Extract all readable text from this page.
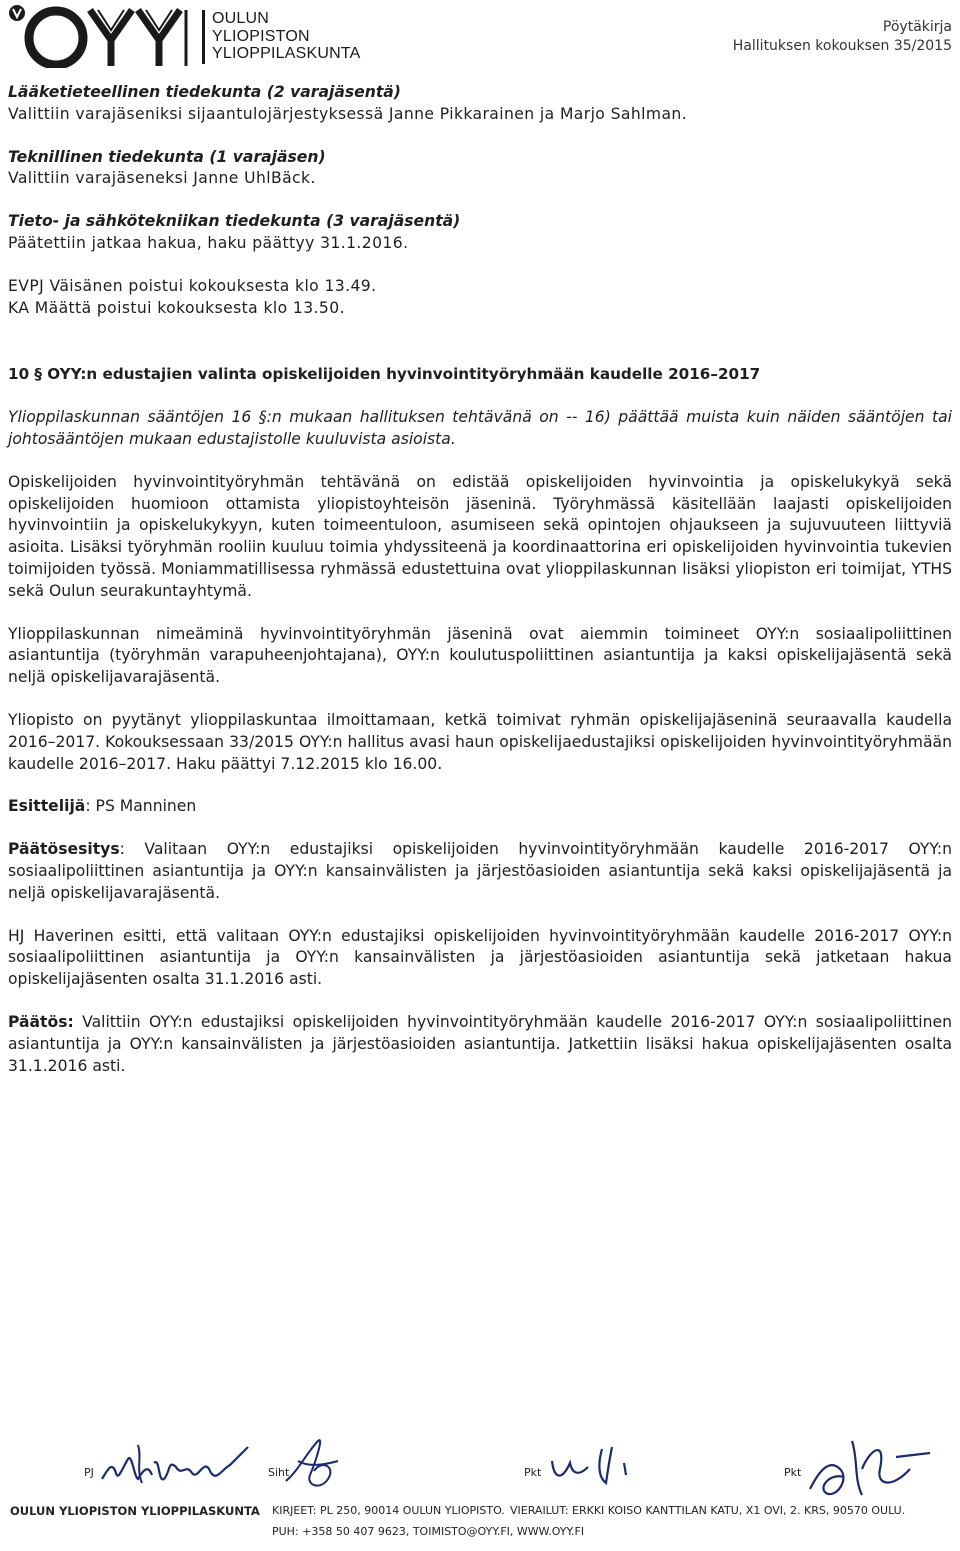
OULUN
YLIOPISTON
YLIOPPILASKUNTA
Pöytäkirja
Hallituksen kokouksen 35/2015

Lääketieteellinen tiedekunta (2 varajäsentä)

Valittiin varajäseniksi sijaantulojärjestyksessä Janne Pikkarainen ja Marjo Sahlman.

Teknillinen tiedekunta (1 varajäsen)

Valittiin varajäseneksi Janne UhlBäck.

Tieto- ja sähkötekniikan tiedekunta (3 varajäsentä)

Päätettiin jatkaa hakua, haku päättyy 31.1.2016.

EVPJ Väisänen poistui kokouksesta klo 13.49.

KA Määttä poistui kokouksesta klo 13.50.

10 § OYY:n edustajien valinta opiskelijoiden hyvinvointityöryhmään kaudelle 2016–2017

Ylioppilaskunnan sääntöjen 16 §:n mukaan hallituksen tehtävänä on -- 16) päättää muista kuin näiden sääntöjen tai johtosääntöjen mukaan edustajistolle kuuluvista asioista.

Opiskelijoiden hyvinvointityöryhmän tehtävänä on edistää opiskelijoiden hyvinvointia ja opiskelukykyä sekä opiskelijoiden huomioon ottamista yliopistoyhteisön jäseninä. Työryhmässä käsitellään laajasti opiskelijoiden hyvinvointiin ja opiskelukykyyn, kuten toimeentuloon, asumiseen sekä opintojen ohjaukseen ja sujuvuuteen liittyviä asioita. Lisäksi työryhmän rooliin kuuluu toimia yhdyssiteenä ja koordinaattorina eri opiskelijoiden hyvinvointia tukevien toimijoiden työssä. Moniammatillisessa ryhmässä edustettuina ovat ylioppilaskunnan lisäksi yliopiston eri toimijat, YTHS sekä Oulun seurakuntayhtymä.

Ylioppilaskunnan nimeäminä hyvinvointityöryhmän jäseninä ovat aiemmin toimineet OYY:n sosiaalipoliittinen asiantuntija (työryhmän varapuheenjohtajana), OYY:n koulutuspoliittinen asiantuntija ja kaksi opiskelijajäsentä sekä neljä opiskelijavarajäsentä.

Yliopisto on pyytänyt ylioppilaskuntaa ilmoittamaan, ketkä toimivat ryhmän opiskelijajäseninä seuraavalla kaudella 2016–2017. Kokouksessaan 33/2015 OYY:n hallitus avasi haun opiskelijaedustajiksi opiskelijoiden hyvinvointityöryhmään kaudelle 2016–2017. Haku päättyi 7.12.2015 klo 16.00.

Esittelijä: PS Manninen

Päätösesitys: Valitaan OYY:n edustajiksi opiskelijoiden hyvinvointityöryhmään kaudelle 2016-2017 OYY:n sosiaalipoliittinen asiantuntija ja OYY:n kansainvälisten ja järjestöasioiden asiantuntija sekä kaksi opiskelijajäsentä ja neljä opiskelijavarajäsentä.

HJ Haverinen esitti, että valitaan OYY:n edustajiksi opiskelijoiden hyvinvointityöryhmään kaudelle 2016-2017 OYY:n sosiaalipoliittinen asiantuntija ja OYY:n kansainvälisten ja järjestöasioiden asiantuntija sekä jatketaan hakua opiskelijajäsenten osalta 31.1.2016 asti.

Päätös: Valittiin OYY:n edustajiksi opiskelijoiden hyvinvointityöryhmään kaudelle 2016-2017 OYY:n sosiaalipoliittinen asiantuntija ja OYY:n kansainvälisten ja järjestöasioiden asiantuntija. Jatkettiin lisäksi hakua opiskelijajäsenten osalta 31.1.2016 asti.

PJ	Siht	Pkt	Pkt
OULUN YLIOPISTON YLIOPPILASKUNTA KIRJEET: PL 250, 90014 OULUN YLIOPISTO. VIERAILUT: ERKKI KOISO KANTTILAN KATU, X1 OVI, 2. KRS, 90570 OULU.
PUH: +358 50 407 9623, TOIMISTO@OYY.FI, WWW.OYY.FI
